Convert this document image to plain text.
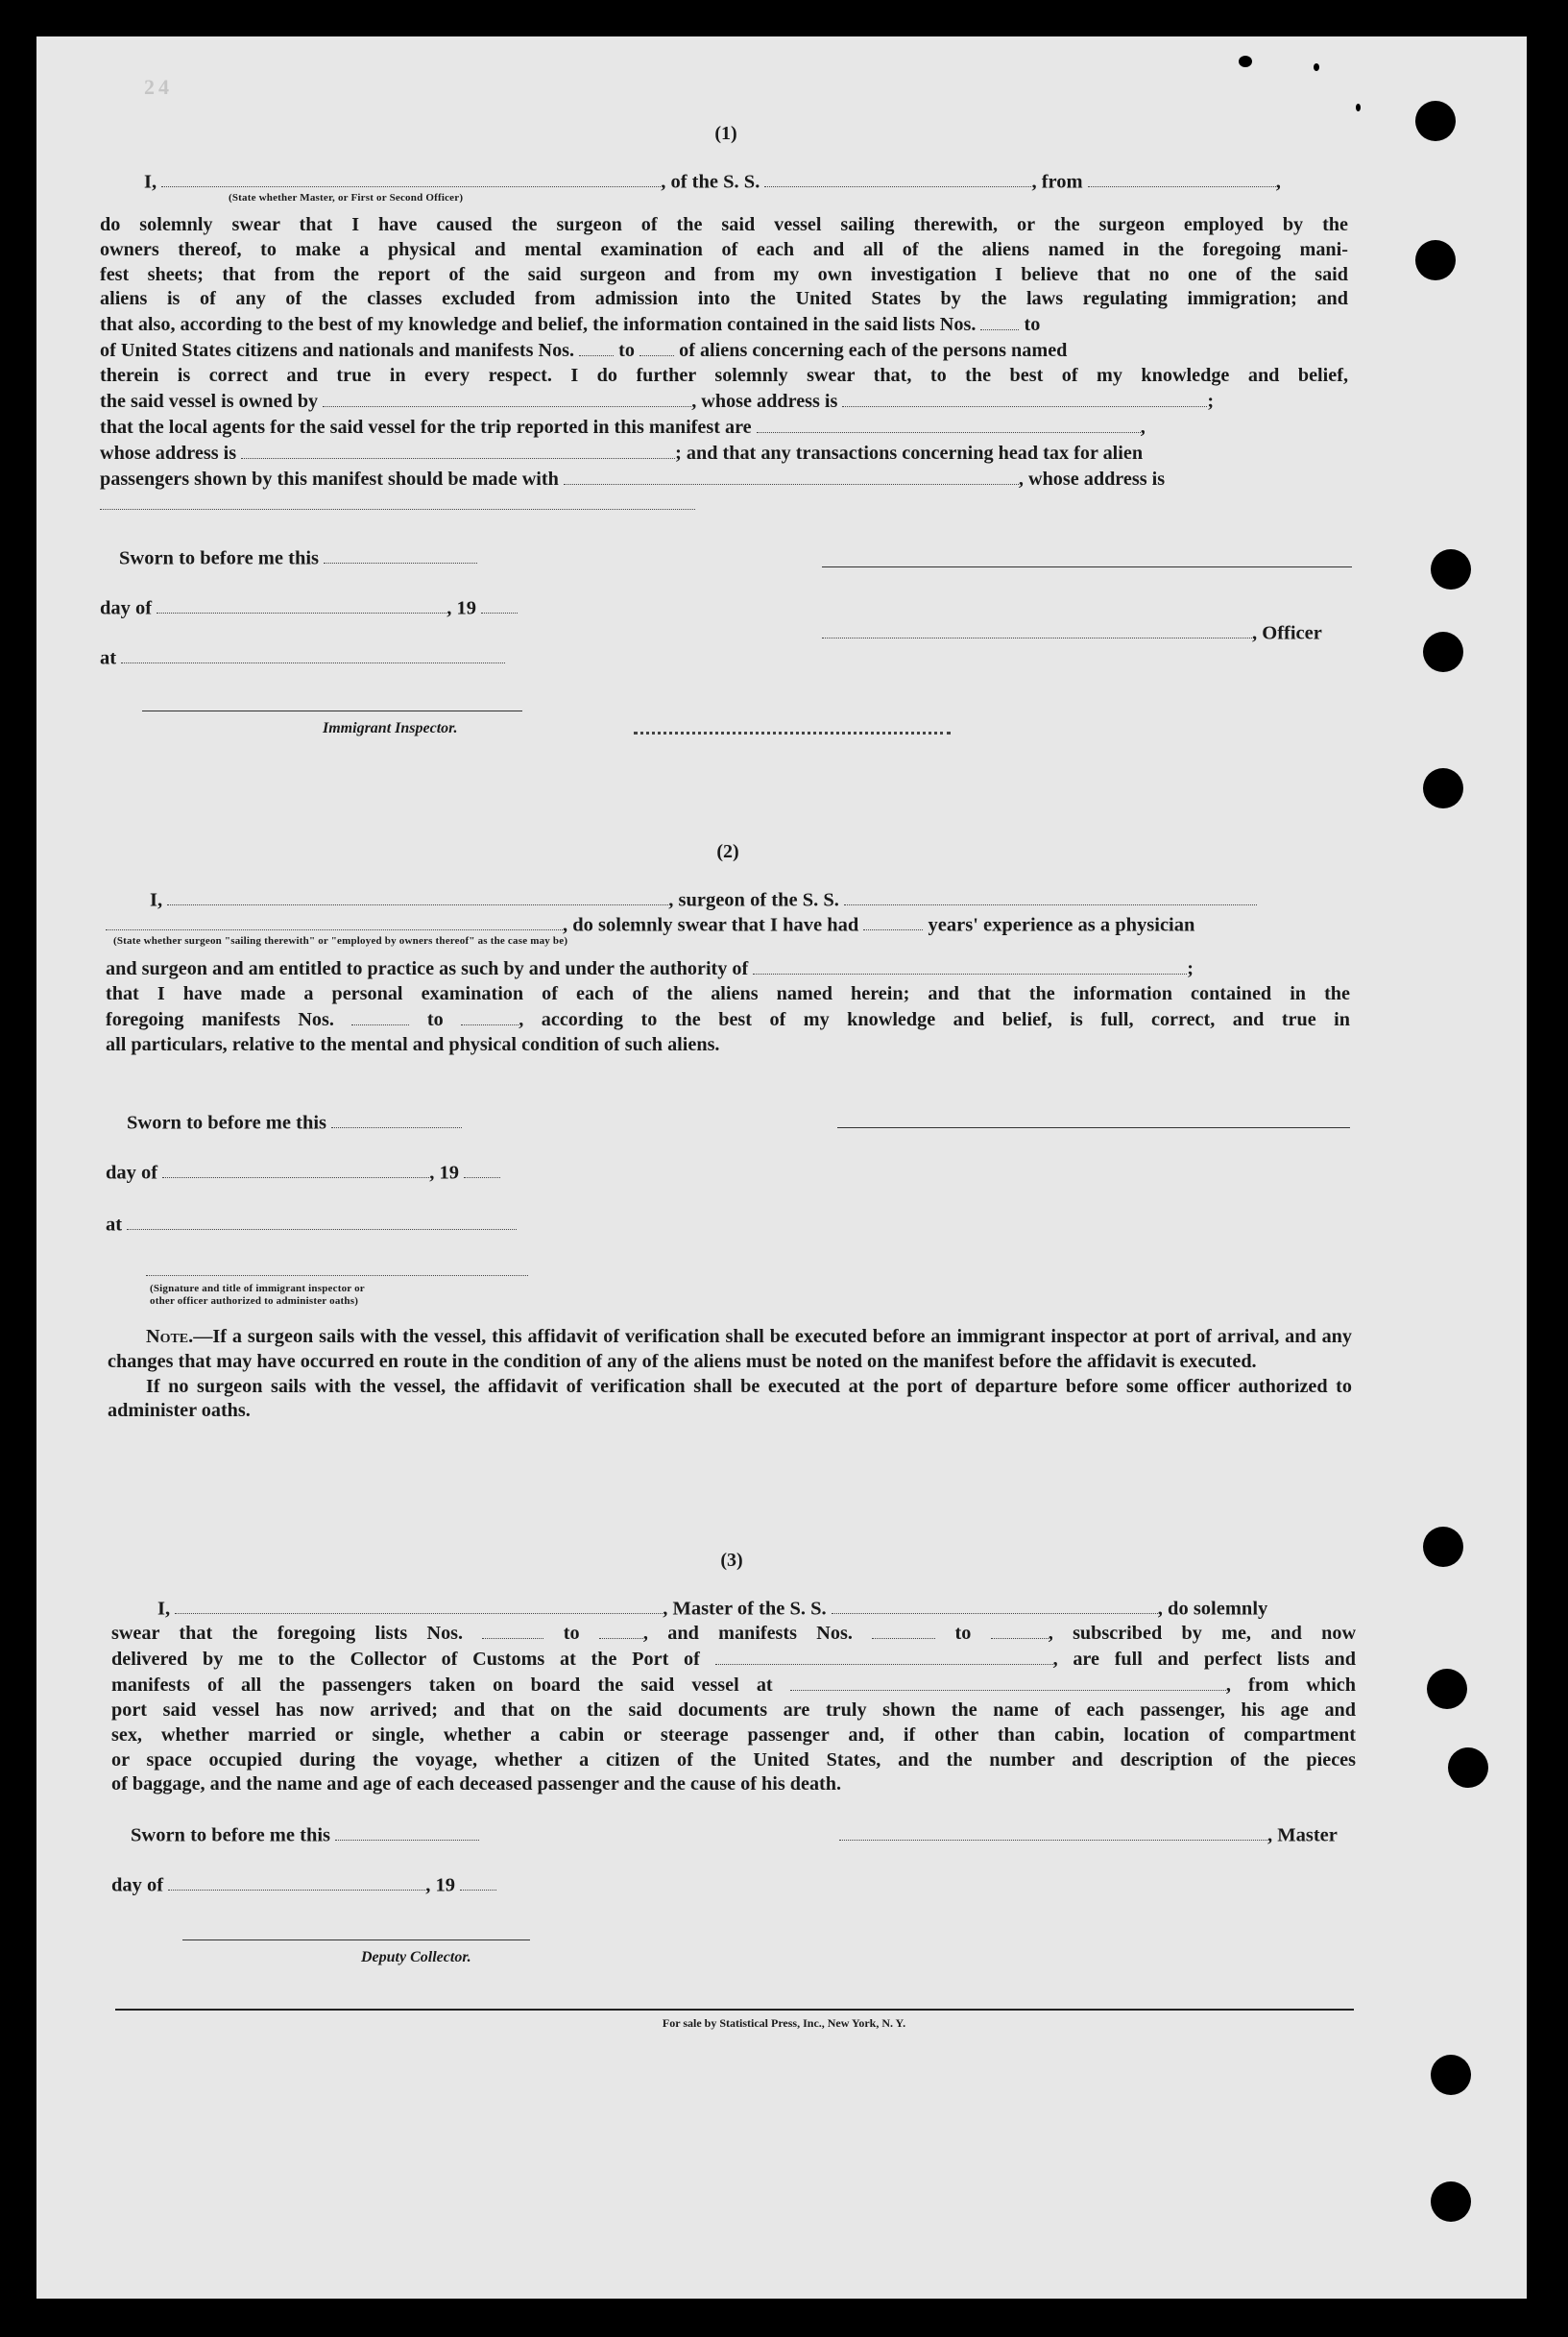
24
(1)
I,	, of the S. S.	, from	,
(State whether Master, or First or Second Officer)
do solemnly swear that I have caused the surgeon of the said vessel sailing therewith, or the surgeon employed by the
owners thereof, to make a physical and mental examination of each and all of the aliens named in the foregoing mani-
fest sheets; that from the report of the said surgeon and from my own investigation I believe that no one of the said
aliens is of any of the classes excluded from admission into the United States by the laws regulating immigration; and
that also, according to the best of my knowledge and belief, the information contained in the said lists Nos. to
of United States citizens and nationals and manifests Nos. to of aliens concerning each of the persons named
therein is correct and true in every respect. I do further solemnly swear that, to the best of my knowledge and belief,
the said vessel is owned by	, whose address is	;
that the local agents for the said vessel for the trip reported in this manifest are	,
whose address is	; and that any transactions concerning head tax for alien
passengers shown by this manifest should be made with	, whose address is
Sworn to before me this
day of	, 19
, Officer
at
Immigrant Inspector.
(2)
I,	, surgeon of the S. S.
, do solemnly swear that I have had	years' experience as a physician
(State whether surgeon "sailing therewith" or "employed by owners thereof" as the case may be)
and surgeon and am entitled to practice as such by and under the authority of	;
that I have made a personal examination of each of the aliens named herein; and that the information contained in the
foregoing manifests Nos.	to	, according to the best of my knowledge and belief, is full, correct, and true in
all particulars, relative to the mental and physical condition of such aliens.
Sworn to before me this
day of	, 19
at
(Signature and title of immigrant inspector or
other officer authorized to administer oaths)

Note.—If a surgeon sails with the vessel, this affidavit of verification shall be executed before an immigrant inspector at port of arrival, and any changes that may have occurred en route in the condition of any of the aliens must be noted on the manifest before the affidavit is executed.

If no surgeon sails with the vessel, the affidavit of verification shall be executed at the port of departure before some officer authorized to administer oaths.

(3)
I,	, Master of the S. S.	, do solemnly
swear that the foregoing lists Nos.	to	, and manifests Nos.	to	, subscribed by me, and now
delivered by me to the Collector of Customs at the Port of	, are full and perfect lists and
manifests of all the passengers taken on board the said vessel at	, from which
port said vessel has now arrived; and that on the said documents are truly shown the name of each passenger, his age and
sex, whether married or single, whether a cabin or steerage passenger and, if other than cabin, location of compartment
or space occupied during the voyage, whether a citizen of the United States, and the number and description of the pieces
of baggage, and the name and age of each deceased passenger and the cause of his death.
Sworn to before me this	, Master
day of	, 19
Deputy Collector.
For sale by Statistical Press, Inc., New York, N. Y.
